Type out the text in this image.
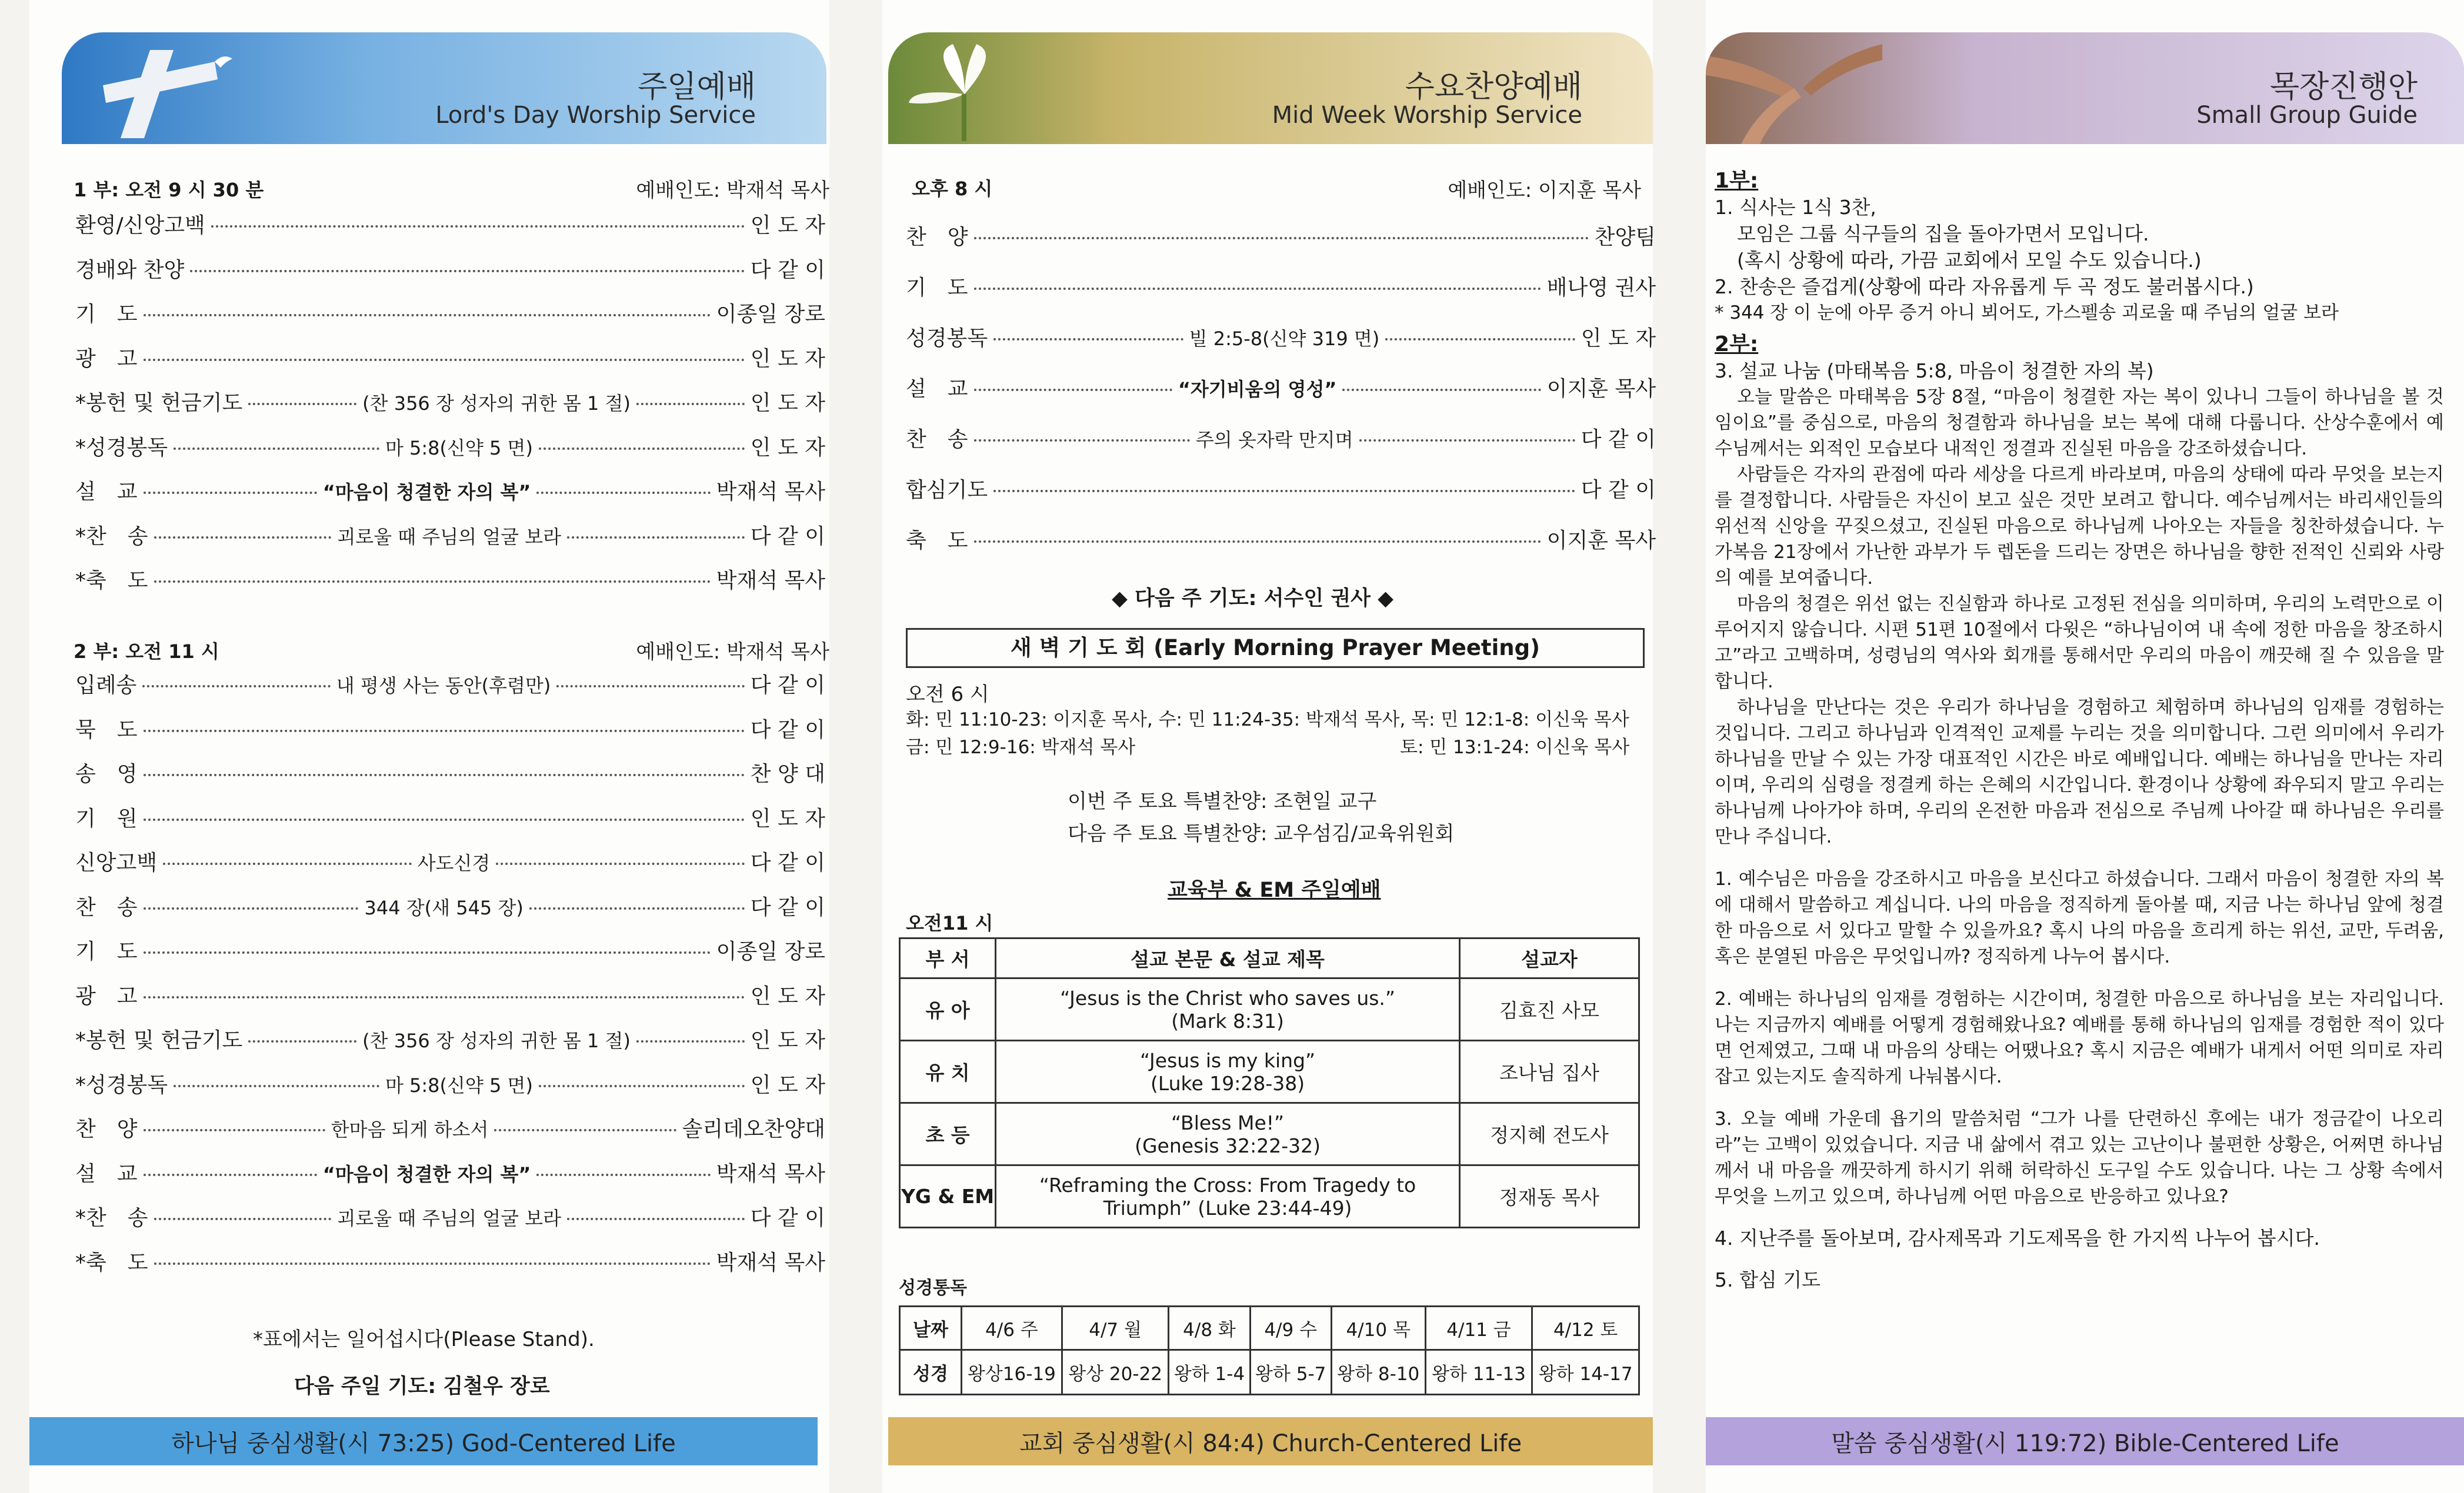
주일예배
Lord's Day Worship Service
1 부: 오전 9 시 30 분	예배인도: 박재석 목사
환영/신앙고백	인 도 자
경배와 찬양	다 같 이
기　도	이종일 장로
광　고	인 도 자
*봉헌 및 헌금기도	(찬 356 장 성자의 귀한 몸 1 절)	인 도 자
*성경봉독	마 5:8(신약 5 면)	인 도 자
설　교	“마음이 청결한 자의 복”	박재석 목사
*찬　송	괴로울 때 주님의 얼굴 보라	다 같 이
*축　도	박재석 목사
2 부: 오전 11 시	예배인도: 박재석 목사
입례송	내 평생 사는 동안(후렴만)	다 같 이
묵　도	다 같 이
송　영	찬 양 대
기　원	인 도 자
신앙고백	사도신경	다 같 이
찬　송	344 장(새 545 장)	다 같 이
기　도	이종일 장로
광　고	인 도 자
*봉헌 및 헌금기도	(찬 356 장 성자의 귀한 몸 1 절)	인 도 자
*성경봉독	마 5:8(신약 5 면)	인 도 자
찬　양	한마음 되게 하소서	솔리데오찬양대
설　교	“마음이 청결한 자의 복”	박재석 목사
*찬　송	괴로울 때 주님의 얼굴 보라	다 같 이
*축　도	박재석 목사
*표에서는 일어섭시다(Please Stand).
다음 주일 기도: 김철우 장로
하나님 중심생활(시 73:25) God-Centered Life
수요찬양예배
Mid Week Worship Service
오후 8 시	예배인도: 이지훈 목사
찬　양	찬양팀
기　도	배나영 권사
성경봉독	빌 2:5-8(신약 319 면)	인 도 자
설　교	“자기비움의 영성”	이지훈 목사
찬　송	주의 옷자락 만지며	다 같 이
합심기도	다 같 이
축　도	이지훈 목사
◆ 다음 주 기도: 서수인 권사 ◆
새 벽 기 도 회 (Early Morning Prayer Meeting)
오전 6 시
화: 민 11:10-23: 이지훈 목사, 수: 민 11:24-35: 박재석 목사, 목: 민 12:1-8: 이신욱 목사
금: 민 12:9-16: 박재석 목사	토: 민 13:1-24: 이신욱 목사
이번 주 토요 특별찬양: 조현일 교구
다음 주 토요 특별찬양: 교우섬김/교육위원회
교육부 & EM 주일예배
오전11 시
부 서	설교 본문 & 설교 제목	설교자
유 아	“Jesus is the Christ who saves us.”
(Mark 8:31)	김효진 사모
유 치	“Jesus is my king”
(Luke 19:28-38)	조나님 집사
초 등	“Bless Me!”
(Genesis 32:22-32)	정지혜 전도사
YG & EM	“Reframing the Cross: From Tragedy to
Triumph” (Luke 23:44-49)	정재동 목사
성경통독
날짜	4/6 주	4/7 월	4/8 화	4/9 수	4/10 목	4/11 금	4/12 토
성경	왕상16-19	왕상 20-22	왕하 1-4	왕하 5-7	왕하 8-10	왕하 11-13	왕하 14-17
교회 중심생활(시 84:4) Church-Centered Life
목장진행안
Small Group Guide
말씀 중심생활(시 119:72) Bible-Centered Life

1부:

1. 식사는 1식 3찬,

모임은 그룹 식구들의 집을 돌아가면서 모입니다.

(혹시 상황에 따라, 가끔 교회에서 모일 수도 있습니다.)

2. 찬송은 즐겁게(상황에 따라 자유롭게 두 곡 정도 불러봅시다.)

* 344 장 이 눈에 아무 증거 아니 뵈어도, 가스펠송 괴로울 때 주님의 얼굴 보라

2부:

3. 설교 나눔 (마태복음 5:8, 마음이 청결한 자의 복)

오늘 말씀은 마태복음 5장 8절, “마음이 청결한 자는 복이 있나니 그들이 하나님을 볼 것임이요”를 중심으로, 마음의 청결함과 하나님을 보는 복에 대해 다룹니다. 산상수훈에서 예수님께서는 외적인 모습보다 내적인 정결과 진실된 마음을 강조하셨습니다.

사람들은 각자의 관점에 따라 세상을 다르게 바라보며, 마음의 상태에 따라 무엇을 보는지를 결정합니다. 사람들은 자신이 보고 싶은 것만 보려고 합니다. 예수님께서는 바리새인들의 위선적 신앙을 꾸짖으셨고, 진실된 마음으로 하나님께 나아오는 자들을 칭찬하셨습니다. 누가복음 21장에서 가난한 과부가 두 렙돈을 드리는 장면은 하나님을 향한 전적인 신뢰와 사랑의 예를 보여줍니다.

마음의 청결은 위선 없는 진실함과 하나로 고정된 전심을 의미하며, 우리의 노력만으로 이루어지지 않습니다. 시편 51편 10절에서 다윗은 “하나님이여 내 속에 정한 마음을 창조하시고”라고 고백하며, 성령님의 역사와 회개를 통해서만 우리의 마음이 깨끗해 질 수 있음을 말합니다.

하나님을 만난다는 것은 우리가 하나님을 경험하고 체험하며 하나님의 임재를 경험하는 것입니다. 그리고 하나님과 인격적인 교제를 누리는 것을 의미합니다. 그런 의미에서 우리가 하나님을 만날 수 있는 가장 대표적인 시간은 바로 예배입니다. 예배는 하나님을 만나는 자리이며, 우리의 심령을 정결케 하는 은혜의 시간입니다. 환경이나 상황에 좌우되지 말고 우리는 하나님께 나아가야 하며, 우리의 온전한 마음과 전심으로 주님께 나아갈 때 하나님은 우리를 만나 주십니다.

1. 예수님은 마음을 강조하시고 마음을 보신다고 하셨습니다. 그래서 마음이 청결한 자의 복에 대해서 말씀하고 계십니다. 나의 마음을 정직하게 돌아볼 때, 지금 나는 하나님 앞에 청결한 마음으로 서 있다고 말할 수 있을까요? 혹시 나의 마음을 흐리게 하는 위선, 교만, 두려움, 혹은 분열된 마음은 무엇입니까? 정직하게 나누어 봅시다.

2. 예배는 하나님의 임재를 경험하는 시간이며, 청결한 마음으로 하나님을 보는 자리입니다. 나는 지금까지 예배를 어떻게 경험해왔나요? 예배를 통해 하나님의 임재를 경험한 적이 있다면 언제였고, 그때 내 마음의 상태는 어땠나요? 혹시 지금은 예배가 내게서 어떤 의미로 자리 잡고 있는지도 솔직하게 나눠봅시다.

3. 오늘 예배 가운데 욥기의 말씀처럼 “그가 나를 단련하신 후에는 내가 정금같이 나오리라”는 고백이 있었습니다. 지금 내 삶에서 겪고 있는 고난이나 불편한 상황은, 어쩌면 하나님께서 내 마음을 깨끗하게 하시기 위해 허락하신 도구일 수도 있습니다. 나는 그 상황 속에서 무엇을 느끼고 있으며, 하나님께 어떤 마음으로 반응하고 있나요?

4. 지난주를 돌아보며, 감사제목과 기도제목을 한 가지씩 나누어 봅시다.

5. 합심 기도
